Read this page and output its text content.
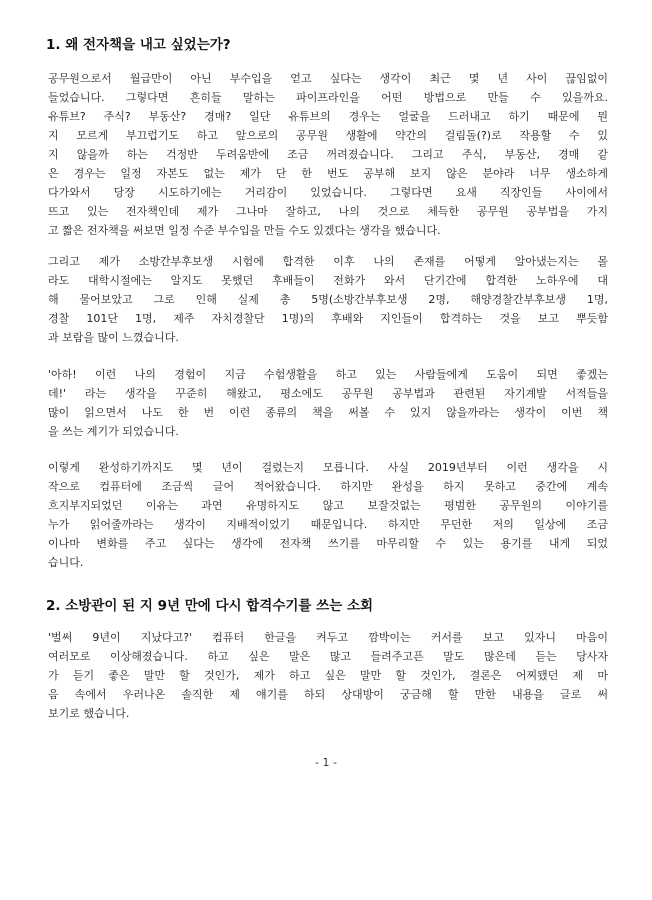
1. 왜 전자책을 내고 싶었는가?
공무원으로서 월급만이 아닌 부수입을 얻고 싶다는 생각이 최근 몇 년 사이 끊임없이
들었습니다. 그렇다면 흔히들 말하는 파이프라인을 어떤 방법으로 만들 수 있을까요.
유튜브? 주식? 부동산? 경매? 일단 유튜브의 경우는 얼굴을 드러내고 하기 때문에 뭔
지 모르게 부끄럽기도 하고 앞으로의 공무원 생활에 약간의 걸림돌(?)로 작용할 수 있
지 않을까 하는 걱정반 두려움반에 조금 꺼려졌습니다. 그리고 주식, 부동산, 경매 같
은 경우는 일정 자본도 없는 제가 단 한 번도 공부해 보지 않은 분야라 너무 생소하게
다가와서 당장 시도하기에는 거리감이 있었습니다. 그렇다면 요새 직장인들 사이에서
뜨고 있는 전자책인데 제가 그나마 잘하고, 나의 것으로 체득한 공무원 공부법을 가지
고 짧은 전자책을 써보면 일정 수준 부수입을 만들 수도 있겠다는 생각을 했습니다.
그리고 제가 소방간부후보생 시험에 합격한 이후 나의 존재를 어떻게 알아냈는지는 몰
라도 대학시절에는 알지도 못했던 후배들이 전화가 와서 단기간에 합격한 노하우에 대
해 물어보았고 그로 인해 실제 총 5명(소방간부후보생 2명, 해양경찰간부후보생 1명,
경찰 101단 1명, 제주 자치경찰단 1명)의 후배와 지인들이 합격하는 것을 보고 뿌듯함
과 보람을 많이 느꼈습니다.
'아하! 이런 나의 경험이 지금 수험생활을 하고 있는 사람들에게 도움이 되면 좋겠는
데!' 라는 생각을 꾸준히 해왔고, 평소에도 공무원 공부법과 관련된 자기계발 서적들을
많이 읽으면서 나도 한 번 이런 종류의 책을 써볼 수 있지 않을까라는 생각이 이번 책
을 쓰는 계기가 되었습니다.
이렇게 완성하기까지도 몇 년이 걸렸는지 모릅니다. 사실 2019년부터 이런 생각을 시
작으로 컴퓨터에 조금씩 글어 적어왔습니다. 하지만 완성을 하지 못하고 중간에 계속
흐지부지되었던 이유는 과연 유명하지도 않고 보잘것없는 평범한 공무원의 이야기를
누가 읽어줄까라는 생각이 지배적이었기 때문입니다. 하지만 무던한 저의 일상에 조금
이나마 변화를 주고 싶다는 생각에 전자책 쓰기를 마무리할 수 있는 용기를 내게 되었
습니다.
2. 소방관이 된 지 9년 만에 다시 합격수기를 쓰는 소회
'벌써 9년이 지났다고?' 컴퓨터 한글을 켜두고 깜박이는 커서를 보고 있자니 마음이
여러모로 이상해졌습니다. 하고 싶은 말은 많고 들려주고픈 말도 많은데 듣는 당사자
가 듣기 좋은 말만 할 것인가, 제가 하고 싶은 말만 할 것인가, 결론은 어찌됐던 제 마
음 속에서 우러나온 솔직한 제 얘기를 하되 상대방이 궁금해 할 만한 내용을 글로 써
보기로 했습니다.
- 1 -
